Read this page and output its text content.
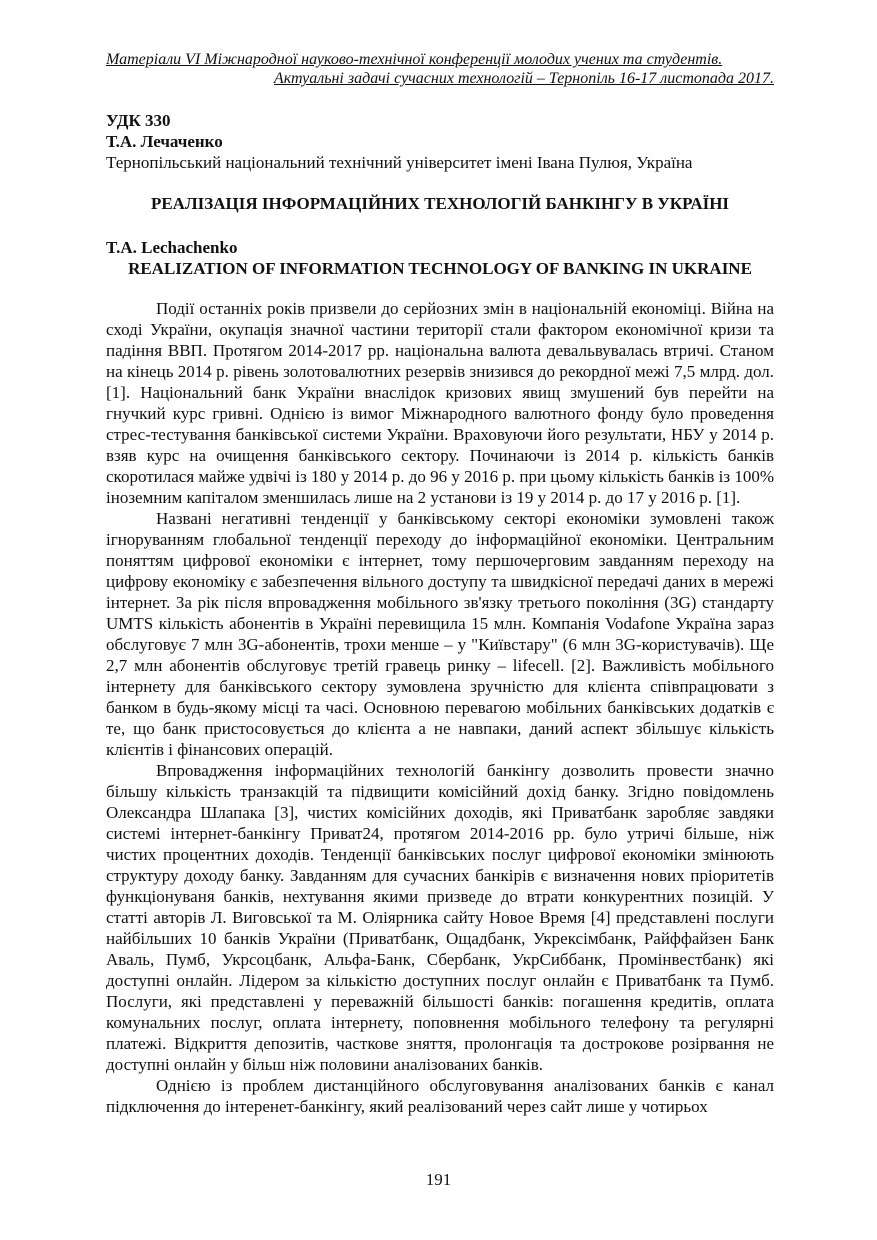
Матеріали VI Міжнародної науково-технічної конференції молодих учених та студентів.
Актуальні задачі сучасних технологій – Тернопіль 16-17 листопада 2017.
УДК 330
Т.А. Лечаченко
Тернопільський національний технічний університет імені Івана Пулюя, Україна
РЕАЛІЗАЦІЯ ІНФОРМАЦІЙНИХ ТЕХНОЛОГІЙ БАНКІНГУ В УКРАЇНІ
T.A. Lechachenko
REALIZATION OF INFORMATION TECHNOLOGY OF BANKING IN UKRAINE

Події останніх років призвели до серйозних змін в національній економіці. Війна на сході України, окупація значної частини території стали фактором економічної кризи та падіння ВВП. Протягом 2014-2017 рр. національна валюта девальвувалась втричі. Станом на кінець 2014 р. рівень золотовалютних резервів знизився до рекордної межі 7,5 млрд. дол.[1]. Національний банк України внаслідок кризових явищ змушений був перейти на гнучкий курс гривні. Однією із вимог Міжнародного валютного фонду було проведення стрес-тестування банківської системи України. Враховуючи його результати, НБУ у 2014 р. взяв курс на очищення банківського сектору. Починаючи із 2014 р. кількість банків скоротилася майже удвічі із 180 у 2014 р. до 96 у 2016 р. при цьому кількість банків із 100% іноземним капіталом зменшилась лише на 2 установи із 19 у 2014 р. до 17 у 2016 р. [1].

Названі негативні тенденції у банківському секторі економіки зумовлені також ігноруванням глобальної тенденції переходу до інформаційної економіки. Центральним поняттям цифрової економіки є інтернет, тому першочерговим завданням переходу на цифрову економіку є забезпечення вільного доступу та швидкісної передачі даних в мережі інтернет. За рік після впровадження мобільного зв'язку третього покоління (3G) стандарту UMTS кількість абонентів в Україні перевищила 15 млн. Компанія Vodafone Україна зараз обслуговує 7 млн 3G-абонентів, трохи менше – у "Київстару" (6 млн 3G-користувачів). Ще 2,7 млн абонентів обслуговує третій гравець ринку – lifecell. [2]. Важливість мобільного інтернету для банківського сектору зумовлена зручністю для клієнта співпрацювати з банком в будь-якому місці та часі. Основною перевагою мобільних банківських додатків є те, що банк пристосовується до клієнта а не навпаки, даний аспект збільшує кількість клієнтів і фінансових операцій.

Впровадження інформаційних технологій банкінгу дозволить провести значно більшу кількість транзакцій та підвищити комісійний дохід банку. Згідно повідомлень Олександра Шлапака [3], чистих комісійних доходів, які Приватбанк заробляє завдяки системі інтернет-банкінгу Приват24, протягом 2014-2016 рр. було утричі більше, ніж чистих процентних доходів. Тенденції банківських послуг цифрової економіки змінюють структуру доходу банку. Завданням для сучасних банкірів є визначення нових пріоритетів функціонуваня банків, нехтування якими призведе до втрати конкурентних позицій. У статті авторів Л. Виговської та М. Оліярника сайту Новое Время [4] представлені послуги найбільших 10 банків України (Приватбанк, Ощадбанк, Укрексімбанк, Райффайзен Банк Аваль, Пумб, Укрсоцбанк, Альфа-Банк, Сбербанк, УкрСиббанк, Промінвестбанк) які доступні онлайн. Лідером за кількістю доступних послуг онлайн є Приватбанк та Пумб. Послуги, які представлені у переважній більшості банків: погашення кредитів, оплата комунальних послуг, оплата інтернету, поповнення мобільного телефону та регулярні платежі. Відкриття депозитів, часткове зняття, пролонгація та дострокове розірвання не доступні онлайн у більш ніж половини аналізованих банків.

Однією із проблем дистанційного обслуговування аналізованих банків є канал підключення до інтеренет-банкінгу, який реалізований через сайт лише у чотирьох

191
